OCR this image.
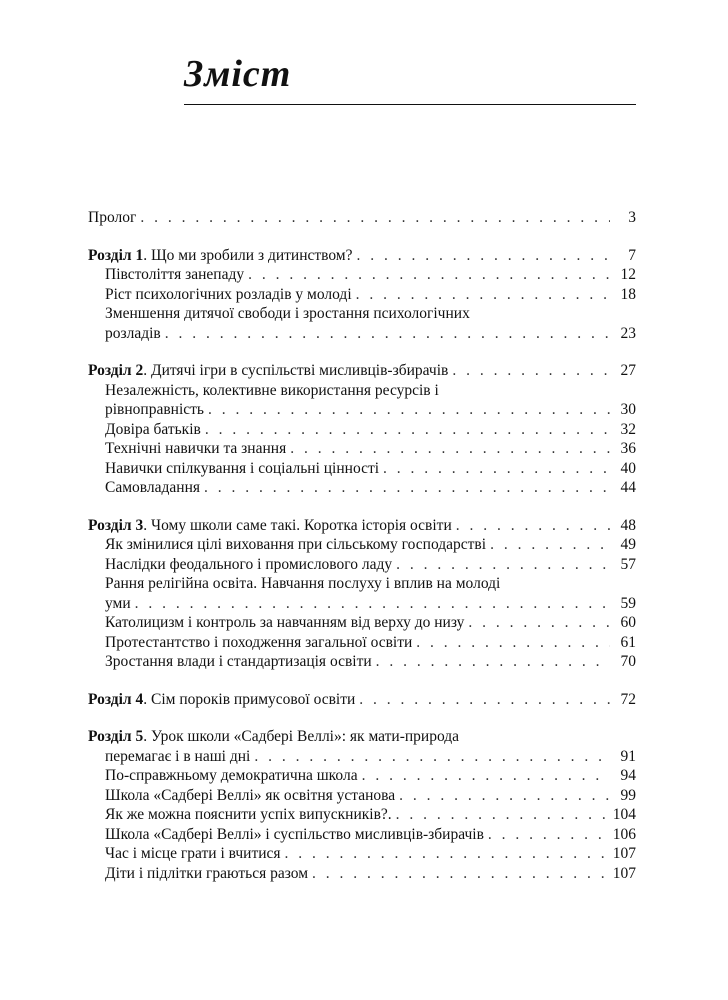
Зміст
Пролог . . .	3
Розділ 1. Що ми зробили з дитинством? . . .	7
Півстоліття занепаду . . .	12
Ріст психологічних розладів у молоді . . .	18
Зменшення дитячої свободи і зростання психологічних
розладів . . .	23
Розділ 2. Дитячі ігри в суспільстві мисливців-збирачів . . .	27
Незалежність, колективне використання ресурсів і
рівноправність . . .	30
Довіра батьків . . .	32
Технічні навички та знання . . .	36
Навички спілкування і соціальні цінності . . .	40
Самовладання . . .	44
Розділ 3. Чому школи саме такі. Коротка історія освіти . . .	48
Як змінилися цілі виховання при сільському господарстві . . .	49
Наслідки феодального і промислового ладу . . .	57
Рання релігійна освіта. Навчання послуху і вплив на молоді
уми . . .	59
Католицизм і контроль за навчанням від верху до низу . . .	60
Протестантство і походження загальної освіти . . .	61
Зростання влади і стандартизація освіти . . .	70
Розділ 4. Сім пороків примусової освіти . . .	72
Розділ 5. Урок школи «Садбері Веллі»: як мати-природа
перемагає і в наші дні . . .	91
По-справжньому демократична школа . . .	94
Школа «Садбері Веллі» як освітня установа . . .	99
Як же можна пояснити успіх випускників?. . . .	104
Школа «Садбері Веллі» і суспільство мисливців-збирачів . . .	106
Час і місце грати і вчитися . . .	107
Діти і підлітки граються разом . . .	107
